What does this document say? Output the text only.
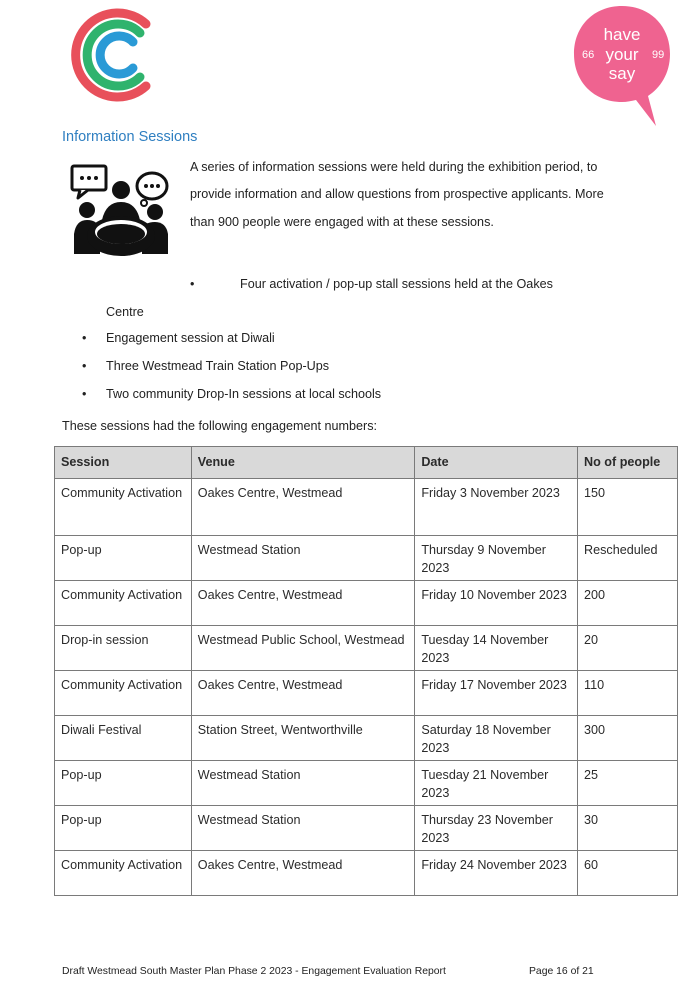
have
your
say
66	99
Information Sessions
A series of information sessions were held during the exhibition period, to provide information and allow questions from prospective applicants. More than 900 people were engaged with at these sessions.
•	Four activation / pop-up stall sessions held at the Oakes
Centre
• Engagement session at Diwali
• Three Westmead Train Station Pop-Ups
• Two community Drop-In sessions at local schools
These sessions had the following engagement numbers:
Session	Venue	Date	No of people
Community Activation	Oakes Centre, Westmead	Friday 3 November 2023	150
Pop-up	Westmead Station	Thursday 9 November 2023	Rescheduled
Community Activation	Oakes Centre, Westmead	Friday 10 November 2023	200
Drop-in session	Westmead Public School, Westmead	Tuesday 14 November 2023	20
Community Activation	Oakes Centre, Westmead	Friday 17 November 2023	110
Diwali Festival	Station Street, Wentworthville	Saturday 18 November 2023	300
Pop-up	Westmead Station	Tuesday 21 November 2023	25
Pop-up	Westmead Station	Thursday 23 November 2023	30
Community Activation	Oakes Centre, Westmead	Friday 24 November 2023	60
Draft Westmead South Master Plan Phase 2 2023 - Engagement Evaluation Report	Page 16 of 21
